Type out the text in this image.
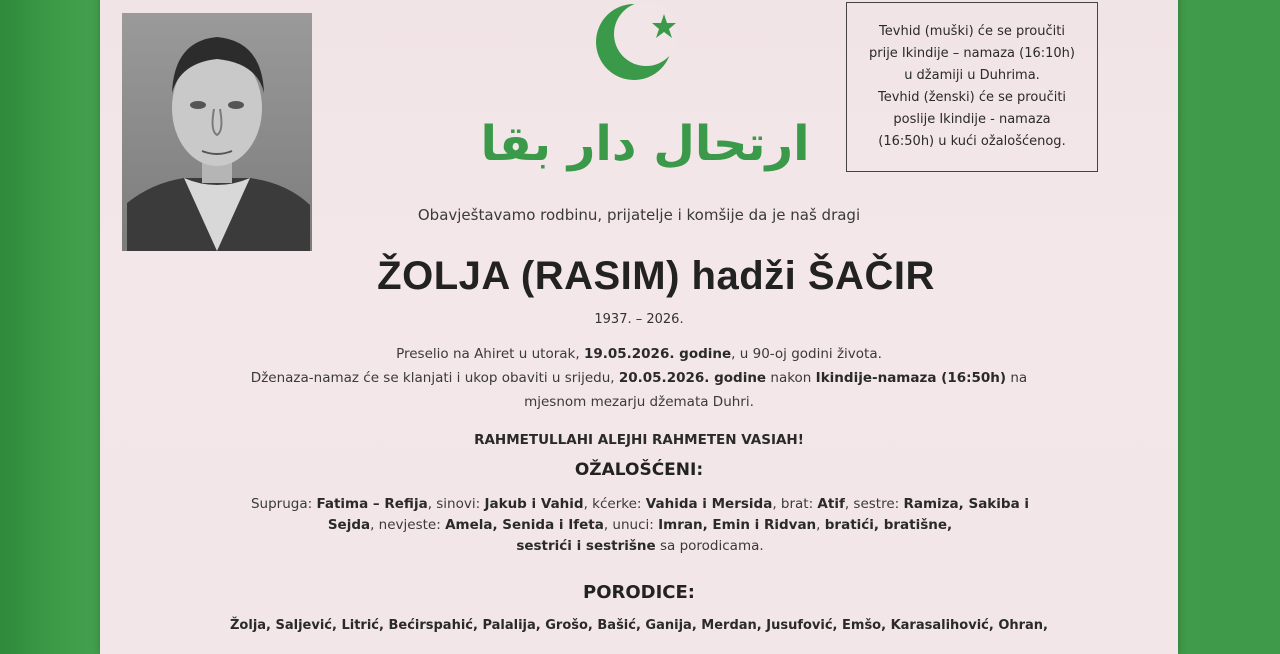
ارتحال دار بقا
Tevhid (muški) će se proučiti
prije Ikindije – namaza (16:10h)
u džamiji u Duhrima.
Tevhid (ženski) će se proučiti
poslije Ikindije - namaza
(16:50h) u kući ožalošćenog.
Obavještavamo rodbinu, prijatelje i komšije da je naš dragi
ŽOLJA (RASIM) hadži ŠAČIR
1937. – 2026.
Preselio na Ahiret u utorak, 19.05.2026. godine, u 90-oj godini života.
Dženaza-namaz će se klanjati i ukop obaviti u srijedu, 20.05.2026. godine nakon Ikindije-namaza (16:50h) na
mjesnom mezarju džemata Duhri.
RAHMETULLAHI ALEJHI RAHMETEN VASIAH!
OŽALOŠĆENI:
Supruga: Fatima – Refija, sinovi: Jakub i Vahid, kćerke: Vahida i Mersida, brat: Atif, sestre: Ramiza, Sakiba i
Sejda, nevjeste: Amela, Senida i Ifeta, unuci: Imran, Emin i Ridvan, bratići, bratišne,
sestrići i sestrišne sa porodicama.
PORODICE:
Žolja, Saljević, Litrić, Bećirspahić, Palalija, Grošo, Bašić, Ganija, Merdan, Jusufović, Emšo, Karasalihović, Ohran,
